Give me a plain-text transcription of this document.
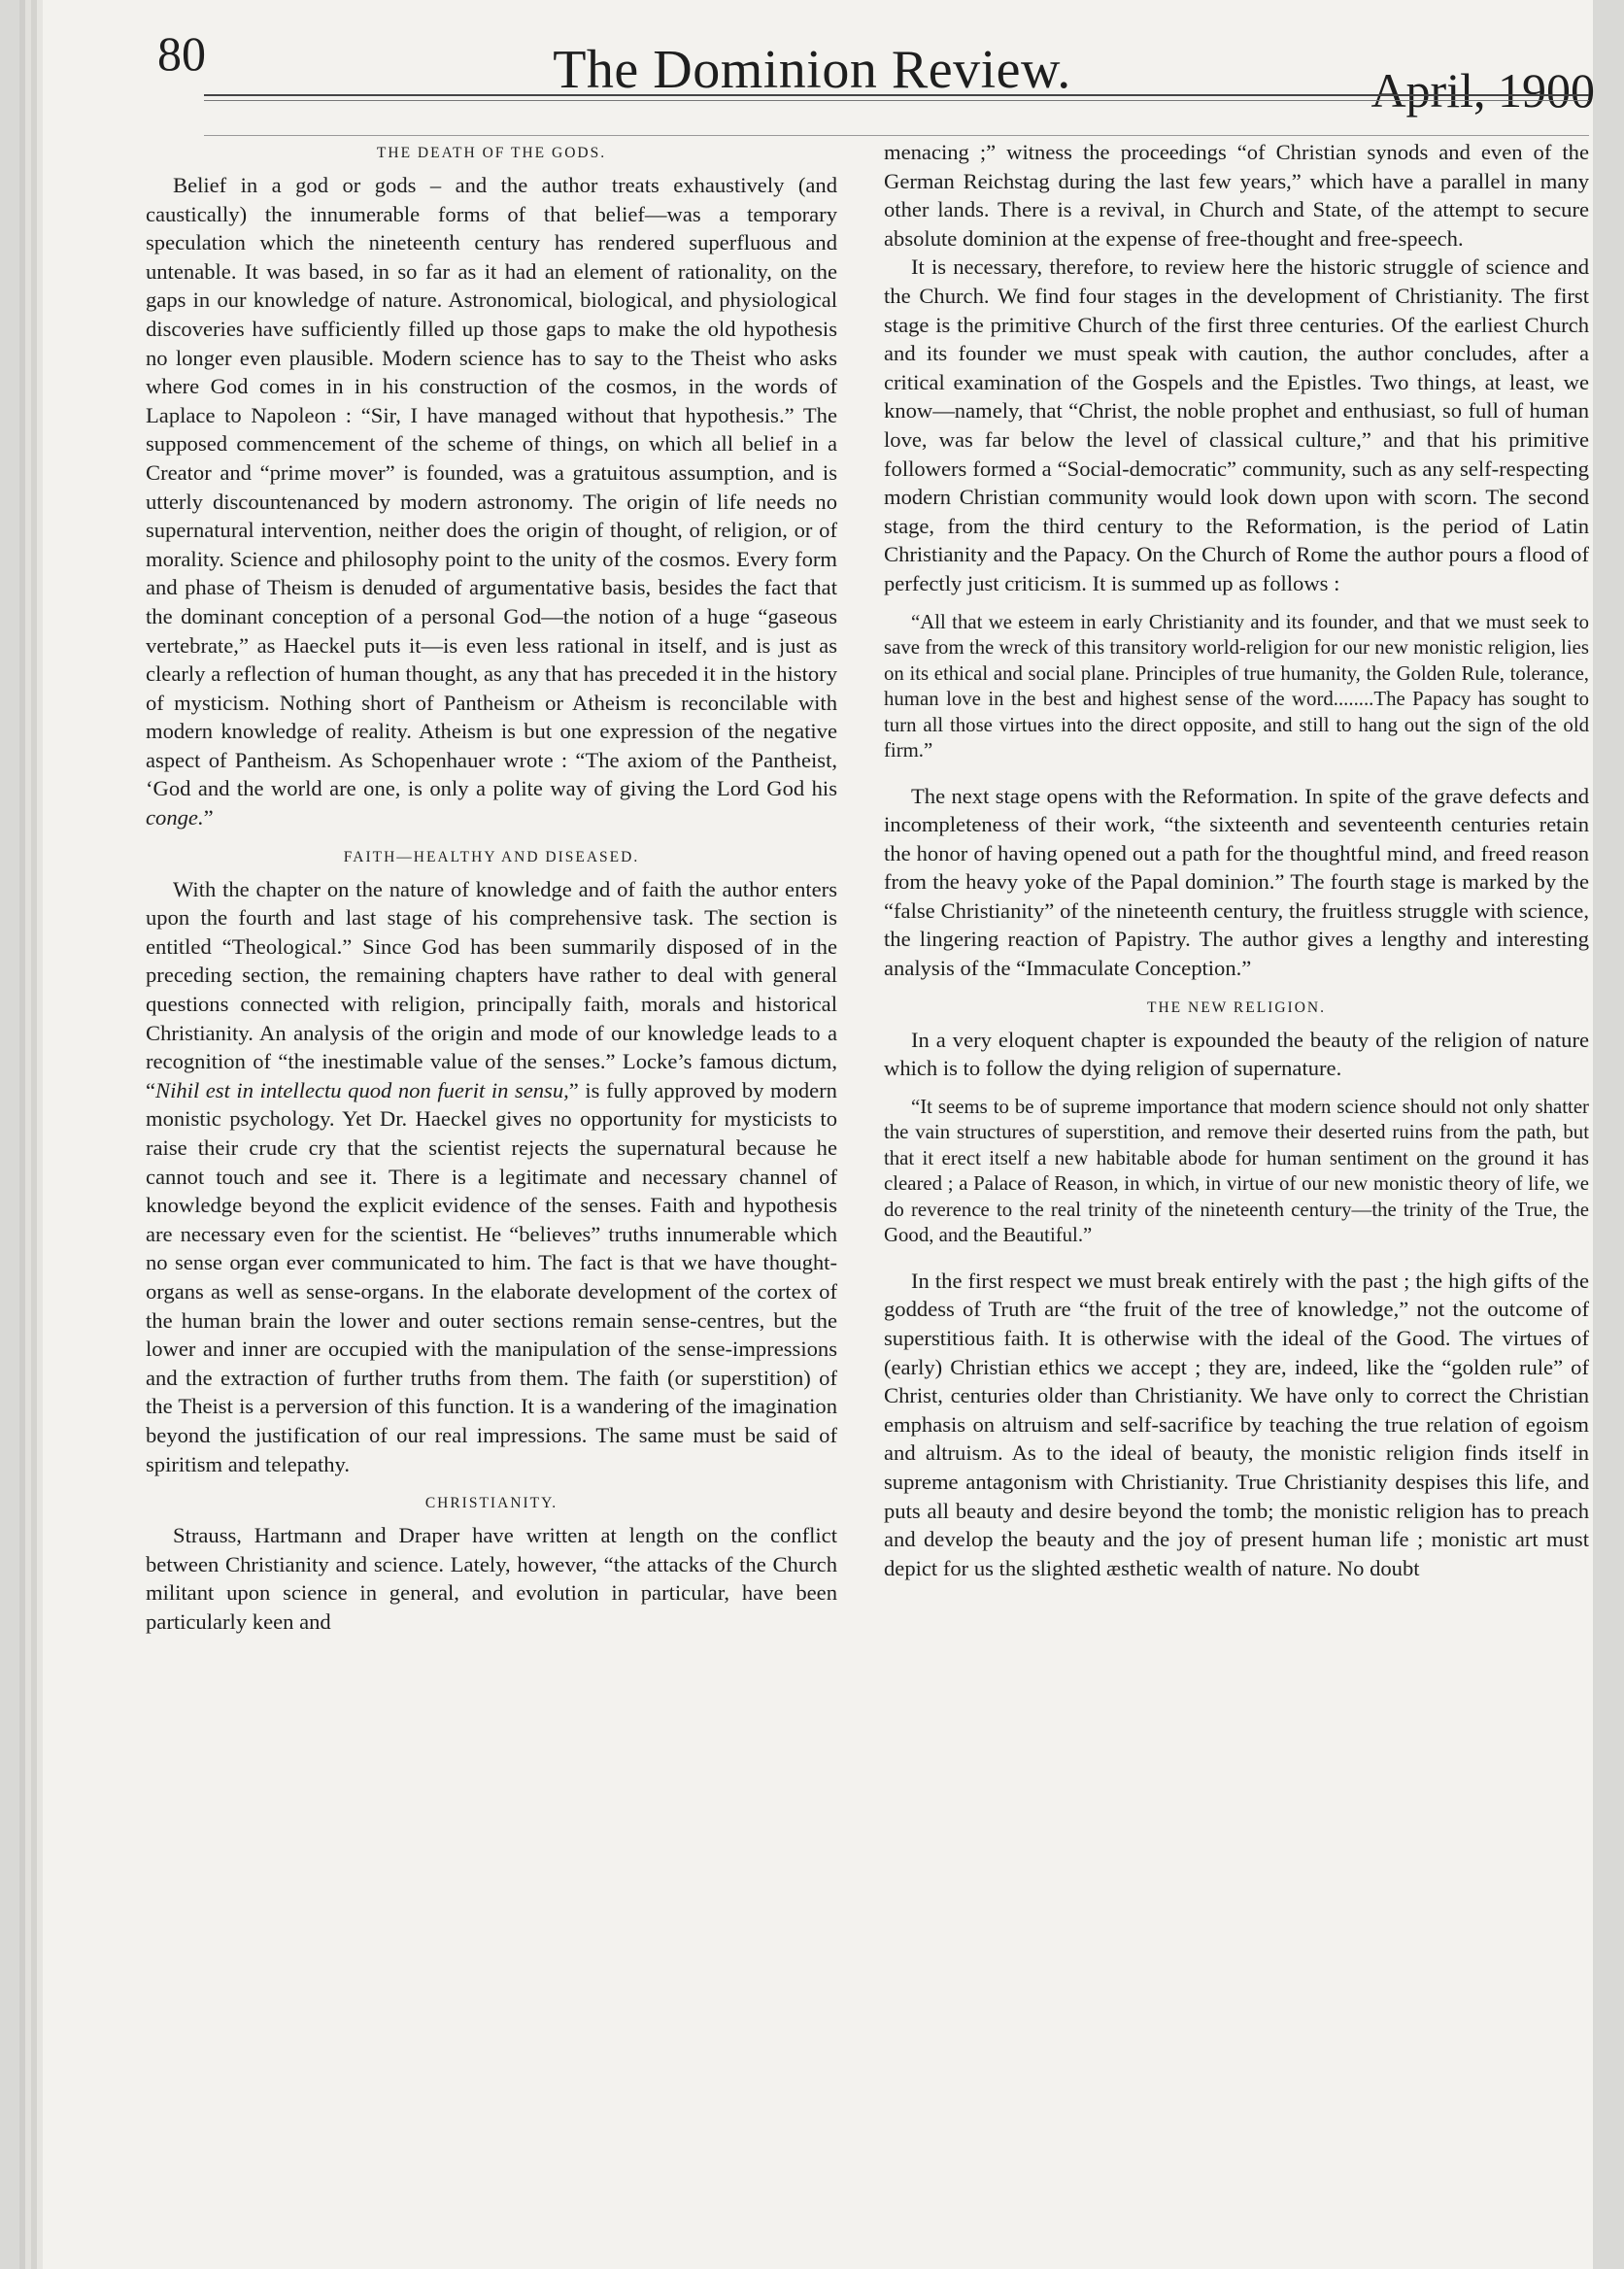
80	The Dominion Review.	April, 1900
THE DEATH OF THE GODS.

Belief in a god or gods – and the author treats exhaustively (and caustically) the innumerable forms of that belief—was a temporary speculation which the nineteenth century has rendered superfluous and untenable. It was based, in so far as it had an element of rationality, on the gaps in our knowledge of nature. Astronomical, biological, and physiological discoveries have sufficiently filled up those gaps to make the old hypothesis no longer even plausible. Modern science has to say to the Theist who asks where God comes in in his construction of the cosmos, in the words of Laplace to Napoleon : “Sir, I have managed without that hypothesis.” The supposed commencement of the scheme of things, on which all belief in a Creator and “prime mover” is founded, was a gratuitous assumption, and is utterly discountenanced by modern astronomy. The origin of life needs no supernatural intervention, neither does the origin of thought, of religion, or of morality. Science and philosophy point to the unity of the cosmos. Every form and phase of Theism is denuded of argumentative basis, besides the fact that the dominant conception of a personal God—the notion of a huge “gaseous vertebrate,” as Haeckel puts it—is even less rational in itself, and is just as clearly a reflection of human thought, as any that has preceded it in the history of mysticism. Nothing short of Pantheism or Atheism is reconcilable with modern knowledge of reality. Atheism is but one expression of the negative aspect of Pantheism. As Schopenhauer wrote : “The axiom of the Pantheist, ‘God and the world are one, is only a polite way of giving the Lord God his conge.”

FAITH—HEALTHY AND DISEASED.

With the chapter on the nature of knowledge and of faith the author enters upon the fourth and last stage of his comprehensive task. The section is entitled “Theological.” Since God has been summarily disposed of in the preceding section, the remaining chapters have rather to deal with general questions connected with religion, principally faith, morals and historical Christianity. An analysis of the origin and mode of our knowledge leads to a recognition of “the inestimable value of the senses.” Locke’s famous dictum, “Nihil est in intellectu quod non fuerit in sensu,” is fully approved by modern monistic psychology. Yet Dr. Haeckel gives no opportunity for mysticists to raise their crude cry that the scientist rejects the supernatural because he cannot touch and see it. There is a legitimate and necessary channel of knowledge beyond the explicit evidence of the senses. Faith and hypothesis are necessary even for the scientist. He “believes” truths innumerable which no sense organ ever communicated to him. The fact is that we have thought-organs as well as sense-organs. In the elaborate development of the cortex of the human brain the lower and outer sections remain sense-centres, but the lower and inner are occupied with the manipulation of the sense-impressions and the extraction of further truths from them. The faith (or superstition) of the Theist is a perversion of this function. It is a wandering of the imagination beyond the justification of our real impressions. The same must be said of spiritism and telepathy.

CHRISTIANITY.

Strauss, Hartmann and Draper have written at length on the conflict between Christianity and science. Lately, however, “the attacks of the Church militant upon science in general, and evolution in particular, have been particularly keen and

menacing ;” witness the proceedings “of Christian synods and even of the German Reichstag during the last few years,” which have a parallel in many other lands. There is a revival, in Church and State, of the attempt to secure absolute dominion at the expense of free-thought and free-speech.

It is necessary, therefore, to review here the historic struggle of science and the Church. We find four stages in the development of Christianity. The first stage is the primitive Church of the first three centuries. Of the earliest Church and its founder we must speak with caution, the author concludes, after a critical examination of the Gospels and the Epistles. Two things, at least, we know—namely, that “Christ, the noble prophet and enthusiast, so full of human love, was far below the level of classical culture,” and that his primitive followers formed a “Social-democratic” community, such as any self-respecting modern Christian community would look down upon with scorn. The second stage, from the third century to the Reformation, is the period of Latin Christianity and the Papacy. On the Church of Rome the author pours a flood of perfectly just criticism. It is summed up as follows :

“All that we esteem in early Christianity and its founder, and that we must seek to save from the wreck of this transitory world-religion for our new monistic religion, lies on its ethical and social plane. Principles of true humanity, the Golden Rule, tolerance, human love in the best and highest sense of the word........The Papacy has sought to turn all those virtues into the direct opposite, and still to hang out the sign of the old firm.”

The next stage opens with the Reformation. In spite of the grave defects and incompleteness of their work, “the sixteenth and seventeenth centuries retain the honor of having opened out a path for the thoughtful mind, and freed reason from the heavy yoke of the Papal dominion.” The fourth stage is marked by the “false Christianity” of the nineteenth century, the fruitless struggle with science, the lingering reaction of Papistry. The author gives a lengthy and interesting analysis of the “Immaculate Conception.”

THE NEW RELIGION.

In a very eloquent chapter is expounded the beauty of the religion of nature which is to follow the dying religion of supernature.

“It seems to be of supreme importance that modern science should not only shatter the vain structures of superstition, and remove their deserted ruins from the path, but that it erect itself a new habitable abode for human sentiment on the ground it has cleared ; a Palace of Reason, in which, in virtue of our new monistic theory of life, we do reverence to the real trinity of the nineteenth century—the trinity of the True, the Good, and the Beautiful.”

In the first respect we must break entirely with the past ; the high gifts of the goddess of Truth are “the fruit of the tree of knowledge,” not the outcome of superstitious faith. It is otherwise with the ideal of the Good. The virtues of (early) Christian ethics we accept ; they are, indeed, like the “golden rule” of Christ, centuries older than Christianity. We have only to correct the Christian emphasis on altruism and self-sacrifice by teaching the true relation of egoism and altruism. As to the ideal of beauty, the monistic religion finds itself in supreme antagonism with Christianity. True Christianity despises this life, and puts all beauty and desire beyond the tomb; the monistic religion has to preach and develop the beauty and the joy of present human life ; monistic art must depict for us the slighted æsthetic wealth of nature. No doubt
